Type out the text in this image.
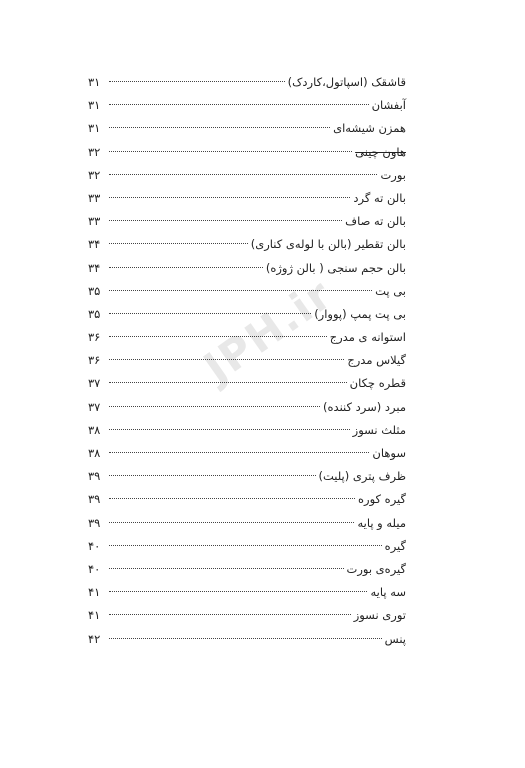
قاشقک (اسپاتول،کاردک)
۳۱
آبفشان
۳۱
همزن شیشه‌ای
۳۱
هاون چینی
۳۲
بورت
۳۲
بالن ته گرد
۳۳
بالن ته صاف
۳۳
بالن تقطیر (بالن با لوله‌ی کناری)
۳۴
بالن حجم سنجی ( بالن ژوژه)
۳۴
بی پت
۳۵
بی پت پمپ (پووار)
۳۵
استوانه ی مدرج
۳۶
گیلاس مدرج
۳۶
قطره چکان
۳۷
مبرد (سرد کننده)
۳۷
مثلث نسوز
۳۸
سوهان
۳۸
ظرف پتری (پلیت)
۳۹
گیره کوره
۳۹
میله و پایه
۳۹
گیره
۴۰
گیره‌ی بورت
۴۰
سه پایه
۴۱
توری نسوز
۴۱
پنس
۴۲
JPH.ir
